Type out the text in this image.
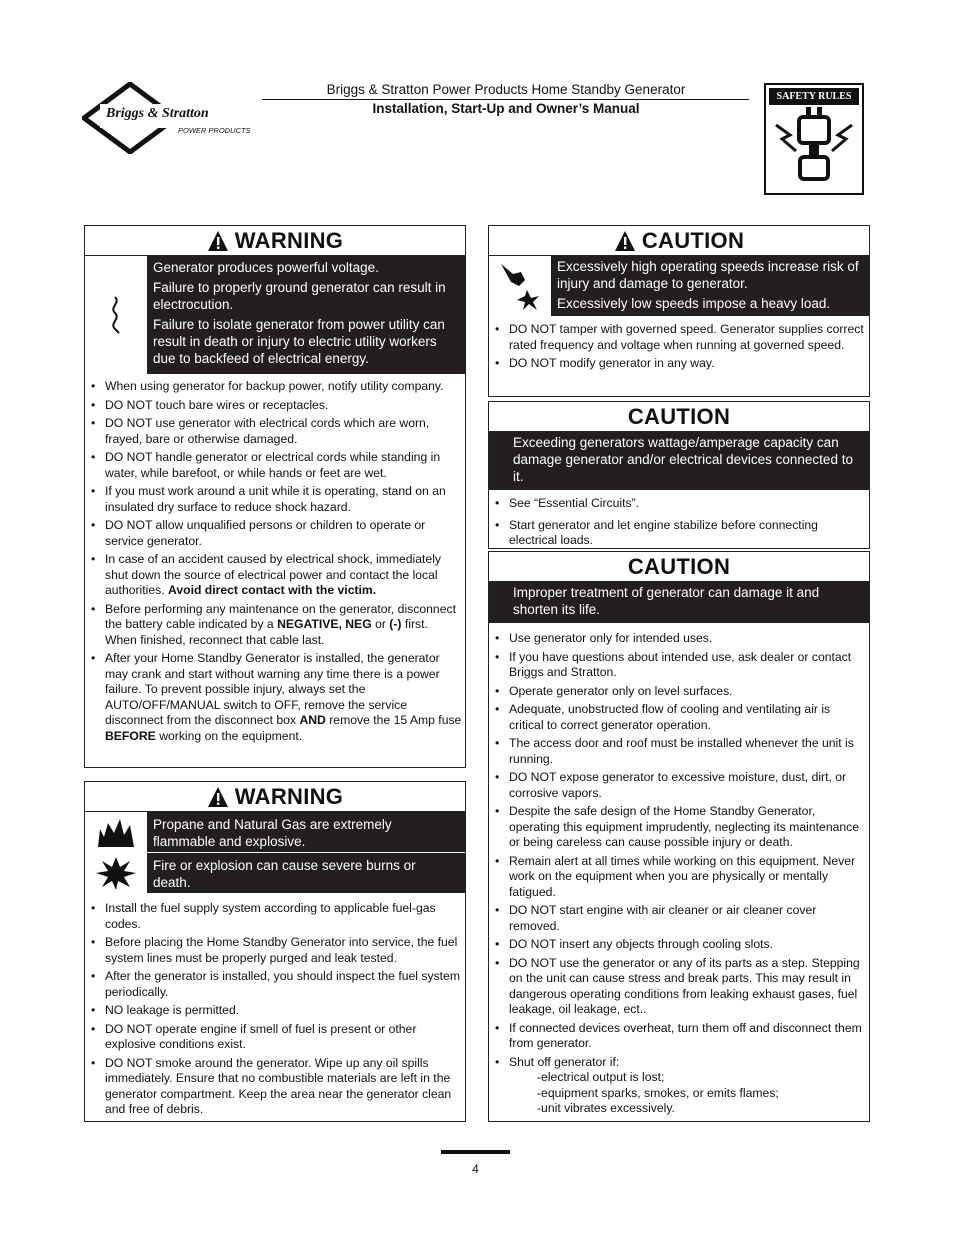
Briggs & Stratton
POWER PRODUCTS
Briggs & Stratton Power Products Home Standby Generator
Installation, Start-Up and Owner’s Manual
SAFETY RULES
WARNING

Generator produces powerful voltage.

Failure to properly ground generator can result in electrocution.

Failure to isolate generator from power utility can result in death or injury to electric utility workers due to backfeed of electrical energy.

• When using generator for backup power, notify utility company.
• DO NOT touch bare wires or receptacles.
• DO NOT use generator with electrical cords which are worn, frayed, bare or otherwise damaged.
• DO NOT handle generator or electrical cords while standing in water, while barefoot, or while hands or feet are wet.
• If you must work around a unit while it is operating, stand on an insulated dry surface to reduce shock hazard.
• DO NOT allow unqualified persons or children to operate or service generator.
• In case of an accident caused by electrical shock, immediately shut down the source of electrical power and contact the local authorities. Avoid direct contact with the victim.
• Before performing any maintenance on the generator, disconnect the battery cable indicated by a NEGATIVE, NEG or (-) first. When finished, reconnect that cable last.
• After your Home Standby Generator is installed, the generator may crank and start without warning any time there is a power failure. To prevent possible injury, always set the AUTO/OFF/MANUAL switch to OFF, remove the service disconnect from the disconnect box AND remove the 15 Amp fuse BEFORE working on the equipment.
WARNING
Propane and Natural Gas are extremely flammable and explosive.
Fire or explosion can cause severe burns or death.
• Install the fuel supply system according to applicable fuel-gas codes.
• Before placing the Home Standby Generator into service, the fuel system lines must be properly purged and leak tested.
• After the generator is installed, you should inspect the fuel system periodically.
• NO leakage is permitted.
• DO NOT operate engine if smell of fuel is present or other explosive conditions exist.
• DO NOT smoke around the generator. Wipe up any oil spills immediately. Ensure that no combustible materials are left in the generator compartment. Keep the area near the generator clean and free of debris.
CAUTION

Excessively high operating speeds increase risk of injury and damage to generator.

Excessively low speeds impose a heavy load.

• DO NOT tamper with governed speed. Generator supplies correct rated frequency and voltage when running at governed speed.
• DO NOT modify generator in any way.
CAUTION
Exceeding generators wattage/amperage capacity can damage generator and/or electrical devices connected to it.
• See “Essential Circuits”.
• Start generator and let engine stabilize before connecting electrical loads.
CAUTION
Improper treatment of generator can damage it and shorten its life.
• Use generator only for intended uses.
• If you have questions about intended use, ask dealer or contact Briggs and Stratton.
• Operate generator only on level surfaces.
• Adequate, unobstructed flow of cooling and ventilating air is critical to correct generator operation.
• The access door and roof must be installed whenever the unit is running.
• DO NOT expose generator to excessive moisture, dust, dirt, or corrosive vapors.
• Despite the safe design of the Home Standby Generator, operating this equipment imprudently, neglecting its maintenance or being careless can cause possible injury or death.
• Remain alert at all times while working on this equipment. Never work on the equipment when you are physically or mentally fatigued.
• DO NOT start engine with air cleaner or air cleaner cover removed.
• DO NOT insert any objects through cooling slots.
• DO NOT use the generator or any of its parts as a step. Stepping on the unit can cause stress and break parts. This may result in dangerous operating conditions from leaking exhaust gases, fuel leakage, oil leakage, ect..
• If connected devices overheat, turn them off and disconnect them from generator.
• Shut off generator if:
-electrical output is lost;
-equipment sparks, smokes, or emits flames;
-unit vibrates excessively.
4
